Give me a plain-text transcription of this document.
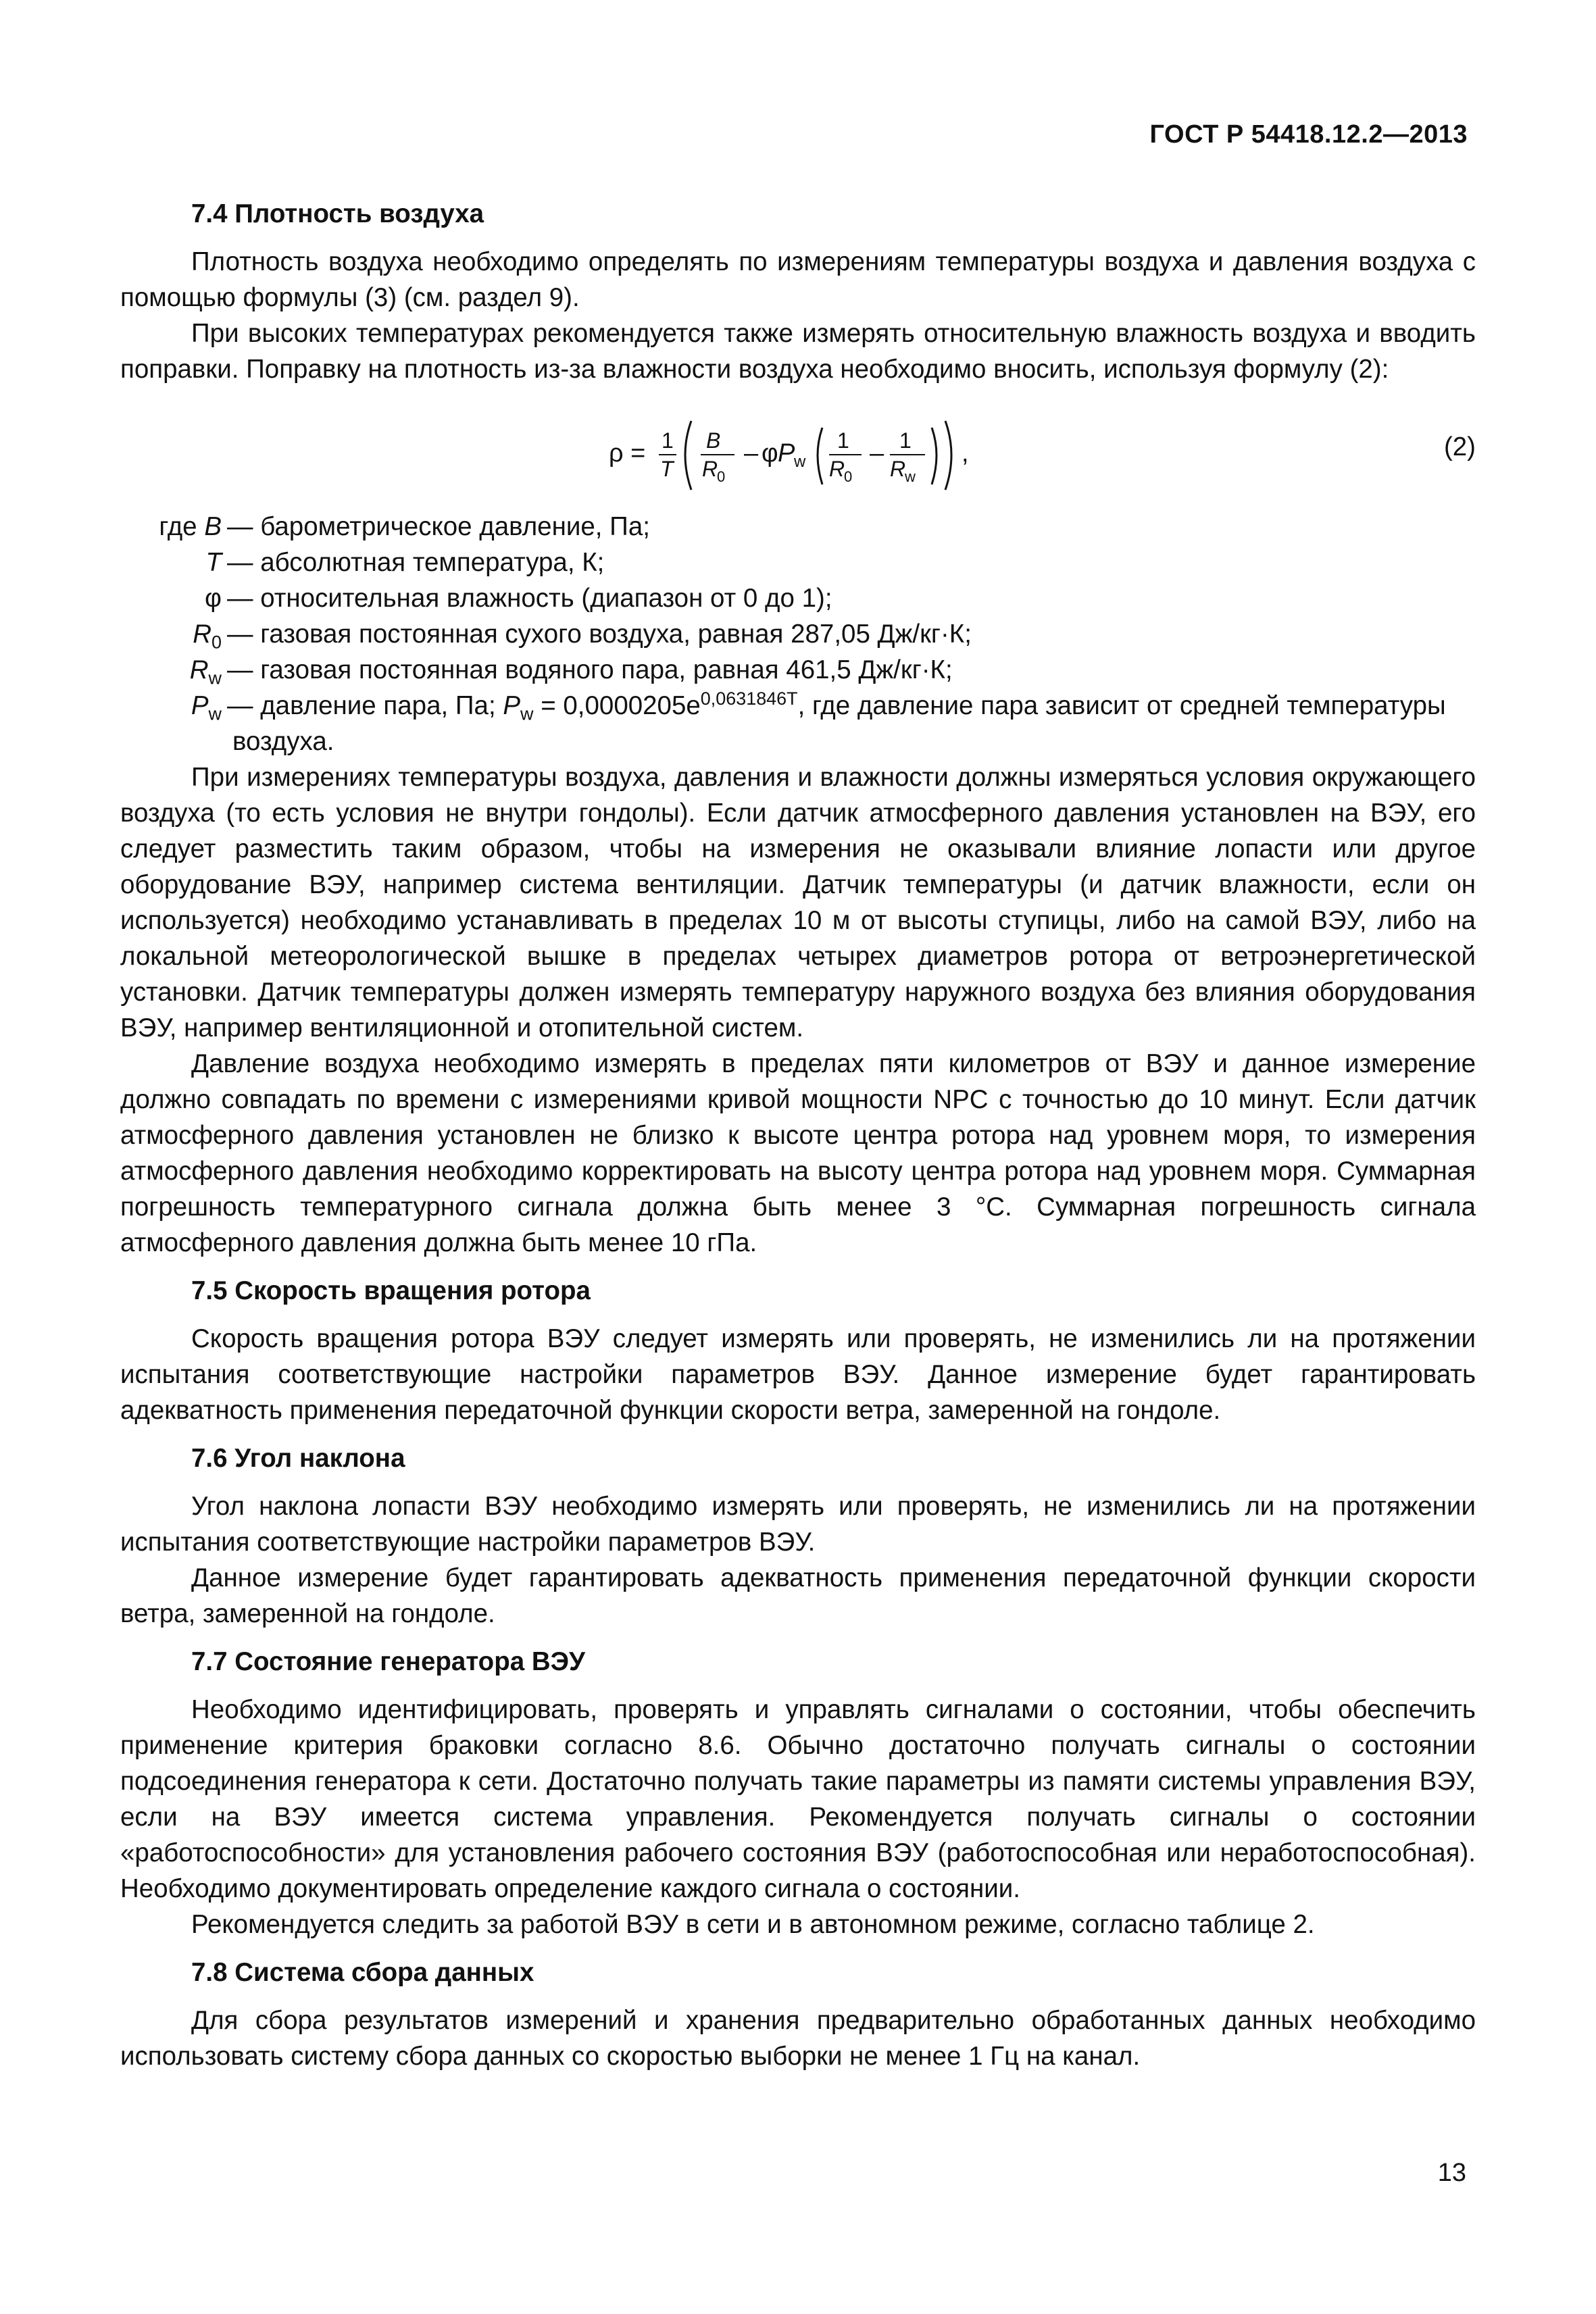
ГОСТ Р 54418.12.2—2013
7.4 Плотность воздуха

Плотность воздуха необходимо определять по измерениям температуры воздуха и давления воздуха с помощью формулы (3) (см. раздел 9).

При высоких температурах рекомендуется также измерять относительную влажность воздуха и вводить поправки. Поправку на плотность из-за влажности воздуха необходимо вносить, используя формулу (2):

ρ = 1
T
B
R
0
– φ P
w
1
R
0
– 1
R
w
,	(2)
где B — барометрическое давление, Па;
T — абсолютная температура, К;
φ — относительная влажность (диапазон от 0 до 1);
$R_0$ — газовая постоянная сухого воздуха, равная 287,05 Дж/кг·К;
$R_w$ — газовая постоянная водяного пара, равная 461,5 Дж/кг·К;
$P_w$ — давление пара, Па; $P_w = 0,0000205e^{0,0631846T}$, где давление пара зависит от средней температуры
воздуха.

При измерениях температуры воздуха, давления и влажности должны измеряться условия окружающего воздуха (то есть условия не внутри гондолы). Если датчик атмосферного давления установлен на ВЭУ, его следует разместить таким образом, чтобы на измерения не оказывали влияние лопасти или другое оборудование ВЭУ, например система вентиляции. Датчик температуры (и датчик влажности, если он используется) необходимо устанавливать в пределах 10 м от высоты ступицы, либо на самой ВЭУ, либо на локальной метеорологической вышке в пределах четырех диаметров ротора от ветроэнергетической установки. Датчик температуры должен измерять температуру наружного воздуха без влияния оборудования ВЭУ, например вентиляционной и отопительной систем.

Давление воздуха необходимо измерять в пределах пяти километров от ВЭУ и данное измерение должно совпадать по времени с измерениями кривой мощности NPC с точностью до 10 минут. Если датчик атмосферного давления установлен не близко к высоте центра ротора над уровнем моря, то измерения атмосферного давления необходимо корректировать на высоту центра ротора над уровнем моря. Суммарная погрешность температурного сигнала должна быть менее 3 °С. Суммарная погрешность сигнала атмосферного давления должна быть менее 10 гПа.

7.5 Скорость вращения ротора

Скорость вращения ротора ВЭУ следует измерять или проверять, не изменились ли на протяжении испытания соответствующие настройки параметров ВЭУ. Данное измерение будет гарантировать адекватность применения передаточной функции скорости ветра, замеренной на гондоле.

7.6 Угол наклона

Угол наклона лопасти ВЭУ необходимо измерять или проверять, не изменились ли на протяжении испытания соответствующие настройки параметров ВЭУ.

Данное измерение будет гарантировать адекватность применения передаточной функции скорости ветра, замеренной на гондоле.

7.7 Состояние генератора ВЭУ

Необходимо идентифицировать, проверять и управлять сигналами о состоянии, чтобы обеспечить применение критерия браковки согласно 8.6. Обычно достаточно получать сигналы о состоянии подсоединения генератора к сети. Достаточно получать такие параметры из памяти системы управления ВЭУ, если на ВЭУ имеется система управления. Рекомендуется получать сигналы о состоянии «работоспособности» для установления рабочего состояния ВЭУ (работоспособная или неработоспособная). Необходимо документировать определение каждого сигнала о состоянии.

Рекомендуется следить за работой ВЭУ в сети и в автономном режиме, согласно таблице 2.

7.8 Система сбора данных

Для сбора результатов измерений и хранения предварительно обработанных данных необходимо использовать систему сбора данных со скоростью выборки не менее 1 Гц на канал.

13
